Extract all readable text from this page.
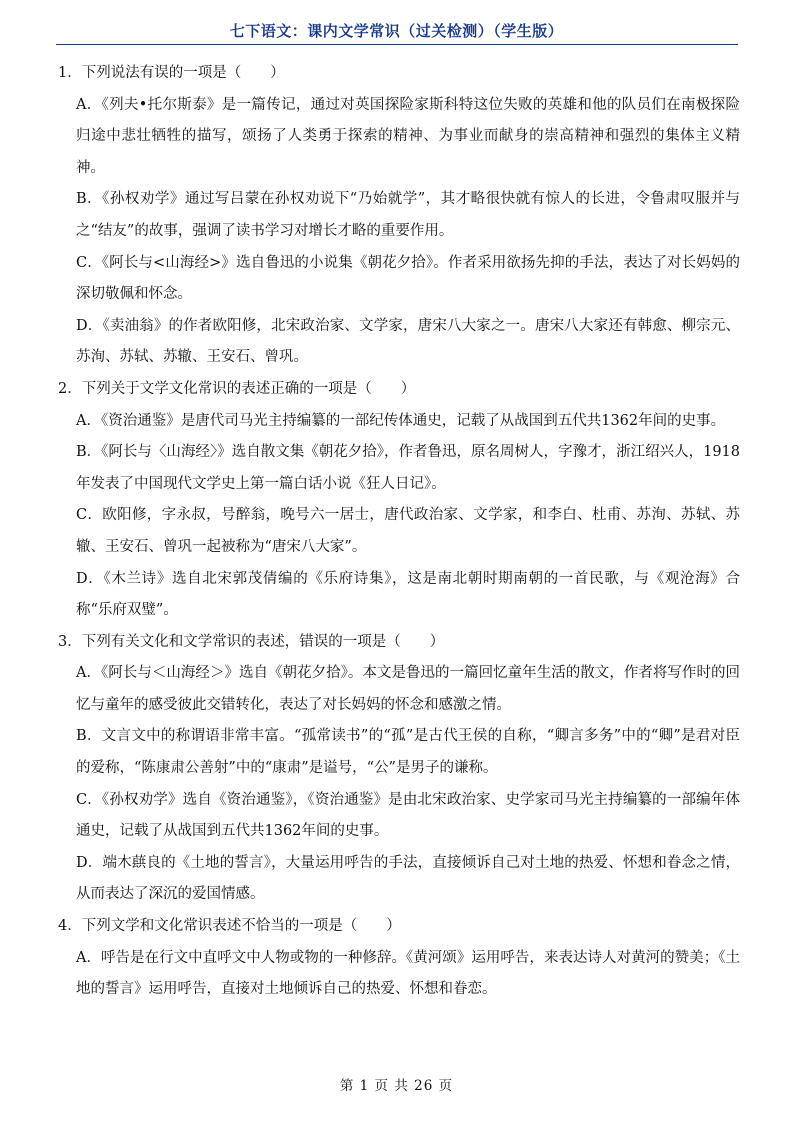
七下语文：课内文学常识（过关检测）（学生版）

1．下列说法有误的一项是（　　）

A．《列夫•托尔斯泰》是一篇传记，通过对英国探险家斯科特这位失败的英雄和他的队员们在南极探险归途中悲壮牺牲的描写，颂扬了人类勇于探索的精神、为事业而献身的崇高精神和强烈的集体主义精神。

B．《孙权劝学》通过写吕蒙在孙权劝说下“乃始就学”，其才略很快就有惊人的长进，令鲁肃叹服并与之“结友”的故事，强调了读书学习对增长才略的重要作用。

C．《阿长与<山海经>》选自鲁迅的小说集《朝花夕拾》。作者采用欲扬先抑的手法，表达了对长妈妈的深切敬佩和怀念。

D．《卖油翁》的作者欧阳修，北宋政治家、文学家，唐宋八大家之一。唐宋八大家还有韩愈、柳宗元、苏洵、苏轼、苏辙、王安石、曾巩。

2．下列关于文学文化常识的表述正确的一项是（　　）

A．《资治通鉴》是唐代司马光主持编纂的一部纪传体通史，记载了从战国到五代共1362年间的史事。

B．《阿长与〈山海经〉》选自散文集《朝花夕拾》，作者鲁迅，原名周树人，字豫才，浙江绍兴人，1918年发表了中国现代文学史上第一篇白话小说《狂人日记》。

C．欧阳修，字永叔，号醉翁，晚号六一居士，唐代政治家、文学家，和李白、杜甫、苏洵、苏轼、苏辙、王安石、曾巩一起被称为“唐宋八大家”。

D．《木兰诗》选自北宋郭茂倩编的《乐府诗集》，这是南北朝时期南朝的一首民歌，与《观沧海》合称“乐府双璧”。

3．下列有关文化和文学常识的表述，错误的一项是（　　）

A．《阿长与＜山海经＞》选自《朝花夕拾》。本文是鲁迅的一篇回忆童年生活的散文，作者将写作时的回忆与童年的感受彼此交错转化，表达了对长妈妈的怀念和感激之情。

B．文言文中的称谓语非常丰富。“孤常读书”的“孤”是古代王侯的自称，“卿言多务”中的“卿”是君对臣的爱称，“陈康肃公善射”中的“康肃”是谥号，“公”是男子的谦称。

C．《孙权劝学》选自《资治通鉴》，《资治通鉴》是由北宋政治家、史学家司马光主持编纂的一部编年体通史，记载了从战国到五代共1362年间的史事。

D．端木蕻良的《土地的誓言》，大量运用呼告的手法，直接倾诉自己对土地的热爱、怀想和眷念之情，从而表达了深沉的爱国情感。

4．下列文学和文化常识表述不恰当的一项是（　　）

A．呼告是在行文中直呼文中人物或物的一种修辞。《黄河颂》运用呼告，来表达诗人对黄河的赞美；《土地的誓言》运用呼告，直接对土地倾诉自己的热爱、怀想和眷恋。

第 1 页 共 26 页
